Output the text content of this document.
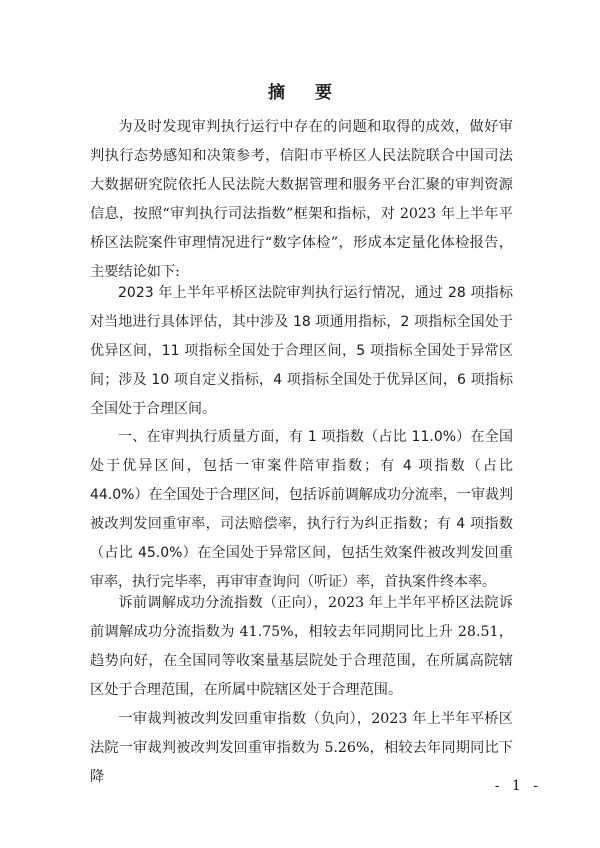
摘 要

为及时发现审判执行运行中存在的问题和取得的成效，做好审判执行态势感知和决策参考，信阳市平桥区人民法院联合中国司法大数据研究院依托人民法院大数据管理和服务平台汇聚的审判资源信息，按照“审判执行司法指数”框架和指标，对 2023 年上半年平桥区法院案件审理情况进行“数字体检”，形成本定量化体检报告，主要结论如下:

2023 年上半年平桥区法院审判执行运行情况，通过 28 项指标对当地进行具体评估，其中涉及 18 项通用指标，2 项指标全国处于优异区间，11 项指标全国处于合理区间，5 项指标全国处于异常区间；涉及 10 项自定义指标，4 项指标全国处于优异区间，6 项指标全国处于合理区间。

一、在审判执行质量方面，有 1 项指数（占比 11.0%）在全国处于优异区间，包括一审案件陪审指数；有 4 项指数（占比 44.0%）在全国处于合理区间，包括诉前调解成功分流率，一审裁判被改判发回重审率，司法赔偿率，执行行为纠正指数；有 4 项指数（占比 45.0%）在全国处于异常区间，包括生效案件被改判发回重审率，执行完毕率，再审审查询问（听证）率，首执案件终本率。

诉前调解成功分流指数（正向），2023 年上半年平桥区法院诉前调解成功分流指数为 41.75%，相较去年同期同比上升 28.51，趋势向好，在全国同等收案量基层院处于合理范围，在所属高院辖区处于合理范围，在所属中院辖区处于合理范围。

一审裁判被改判发回重审指数（负向），2023 年上半年平桥区法院一审裁判被改判发回重审指数为 5.26%，相较去年同期同比下降

- 1 -
